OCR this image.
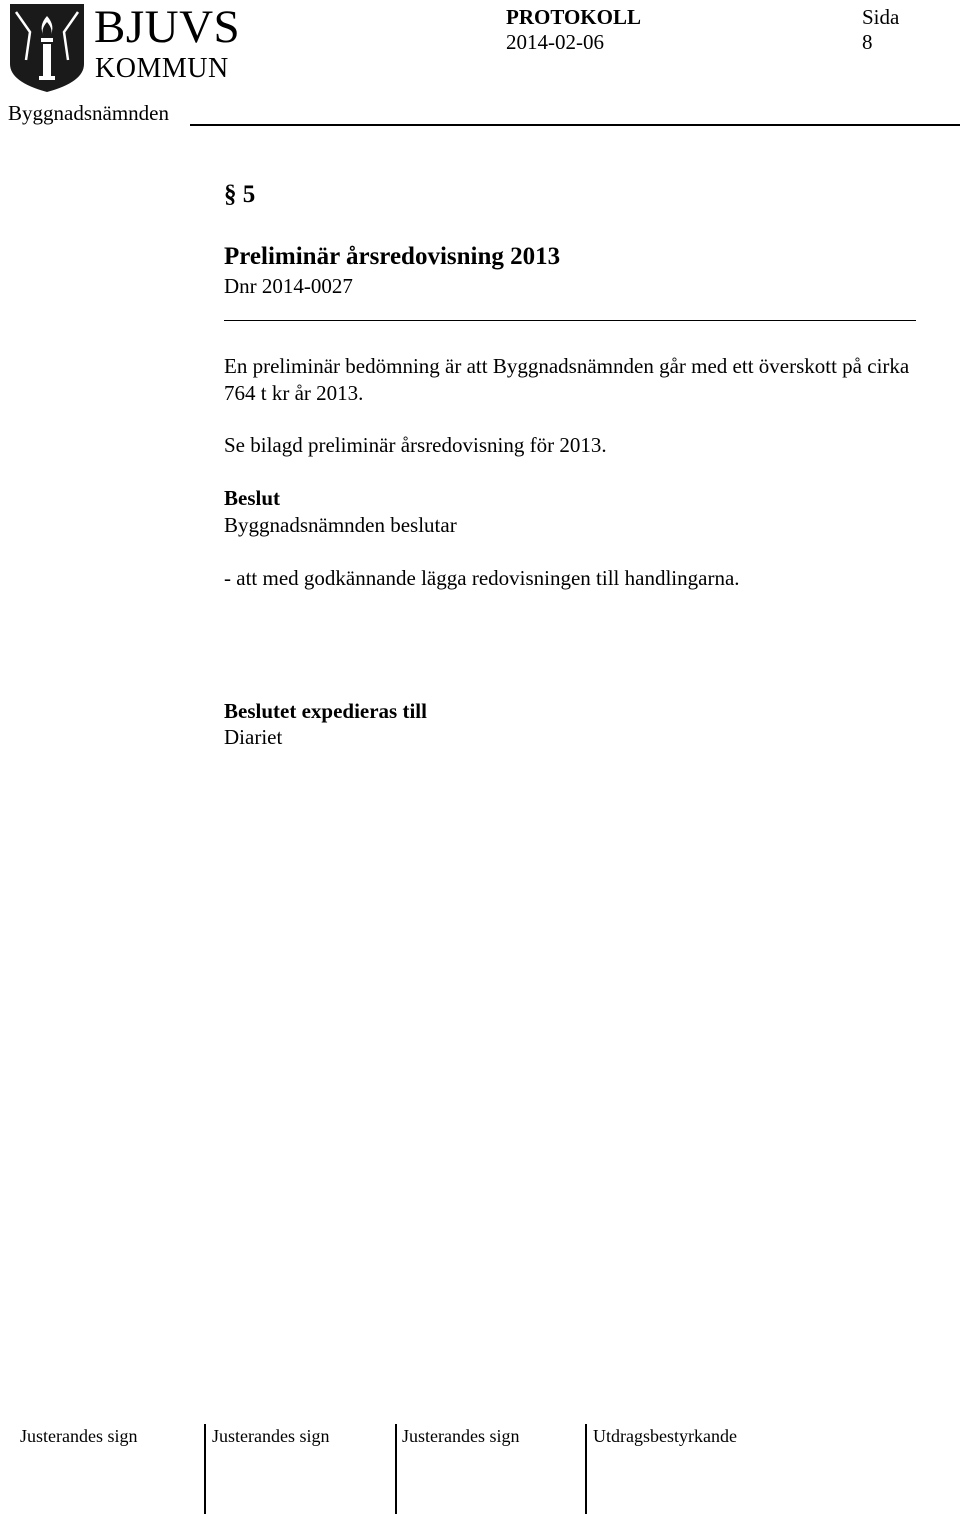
BJUVS
KOMMUN
PROTOKOLL
2014-02-06
Sida
8
Byggnadsnämnden
§ 5
Preliminär årsredovisning 2013
Dnr 2014-0027
En preliminär bedömning är att Byggnadsnämnden går med ett överskott på cirka 764 t kr år 2013.
Se bilagd preliminär årsredovisning för 2013.
Beslut
Byggnadsnämnden beslutar
- att med godkännande lägga redovisningen till handlingarna.
Beslutet expedieras till
Diariet
Justerandes sign	Justerandes sign	Justerandes sign	Utdragsbestyrkande
